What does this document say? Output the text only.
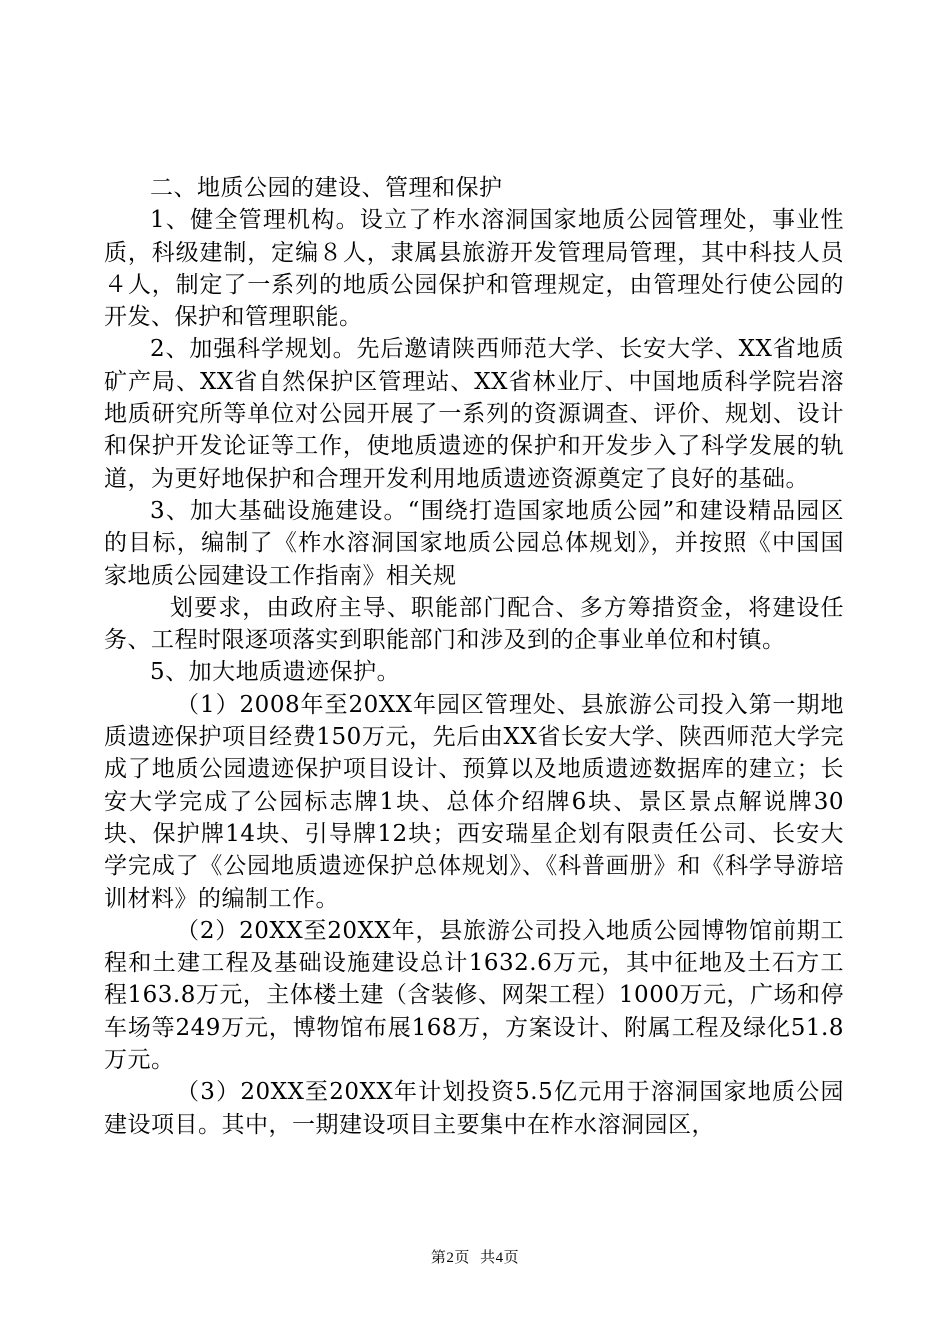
二、地质公园的建设、管理和保护

1、健全管理机构。设立了柞水溶洞国家地质公园管理处，事业性质，科级建制，定编８人，隶属县旅游开发管理局管理，其中科技人员４人，制定了一系列的地质公园保护和管理规定，由管理处行使公园的开发、保护和管理职能。

2、加强科学规划。先后邀请陕西师范大学、长安大学、XX省地质矿产局、XX省自然保护区管理站、XX省林业厅、中国地质科学院岩溶地质研究所等单位对公园开展了一系列的资源调查、评价、规划、设计和保护开发论证等工作，使地质遗迹的保护和开发步入了科学发展的轨道，为更好地保护和合理开发利用地质遗迹资源奠定了良好的基础。

3、加大基础设施建设。“围绕打造国家地质公园”和建设精品园区的目标，编制了《柞水溶洞国家地质公园总体规划》，并按照《中国国家地质公园建设工作指南》相关规

划要求，由政府主导、职能部门配合、多方筹措资金，将建设任务、工程时限逐项落实到职能部门和涉及到的企事业单位和村镇。

5、加大地质遗迹保护。

（1）2008年至20XX年园区管理处、县旅游公司投入第一期地质遗迹保护项目经费150万元，先后由XX省长安大学、陕西师范大学完成了地质公园遗迹保护项目设计、预算以及地质遗迹数据库的建立；长安大学完成了公园标志牌1块、总体介绍牌6块、景区景点解说牌30块、保护牌14块、引导牌12块；西安瑞星企划有限责任公司、长安大学完成了《公园地质遗迹保护总体规划》、《科普画册》和《科学导游培训材料》的编制工作。

（2）20XX至20XX年，县旅游公司投入地质公园博物馆前期工程和土建工程及基础设施建设总计1632.6万元，其中征地及土石方工程163.8万元，主体楼土建（含装修、网架工程）1000万元，广场和停车场等249万元，博物馆布展168万，方案设计、附属工程及绿化51.8万元。

（3）20XX至20XX年计划投资5.5亿元用于溶洞国家地质公园建设项目。其中，一期建设项目主要集中在柞水溶洞园区，

第2页 共4页
